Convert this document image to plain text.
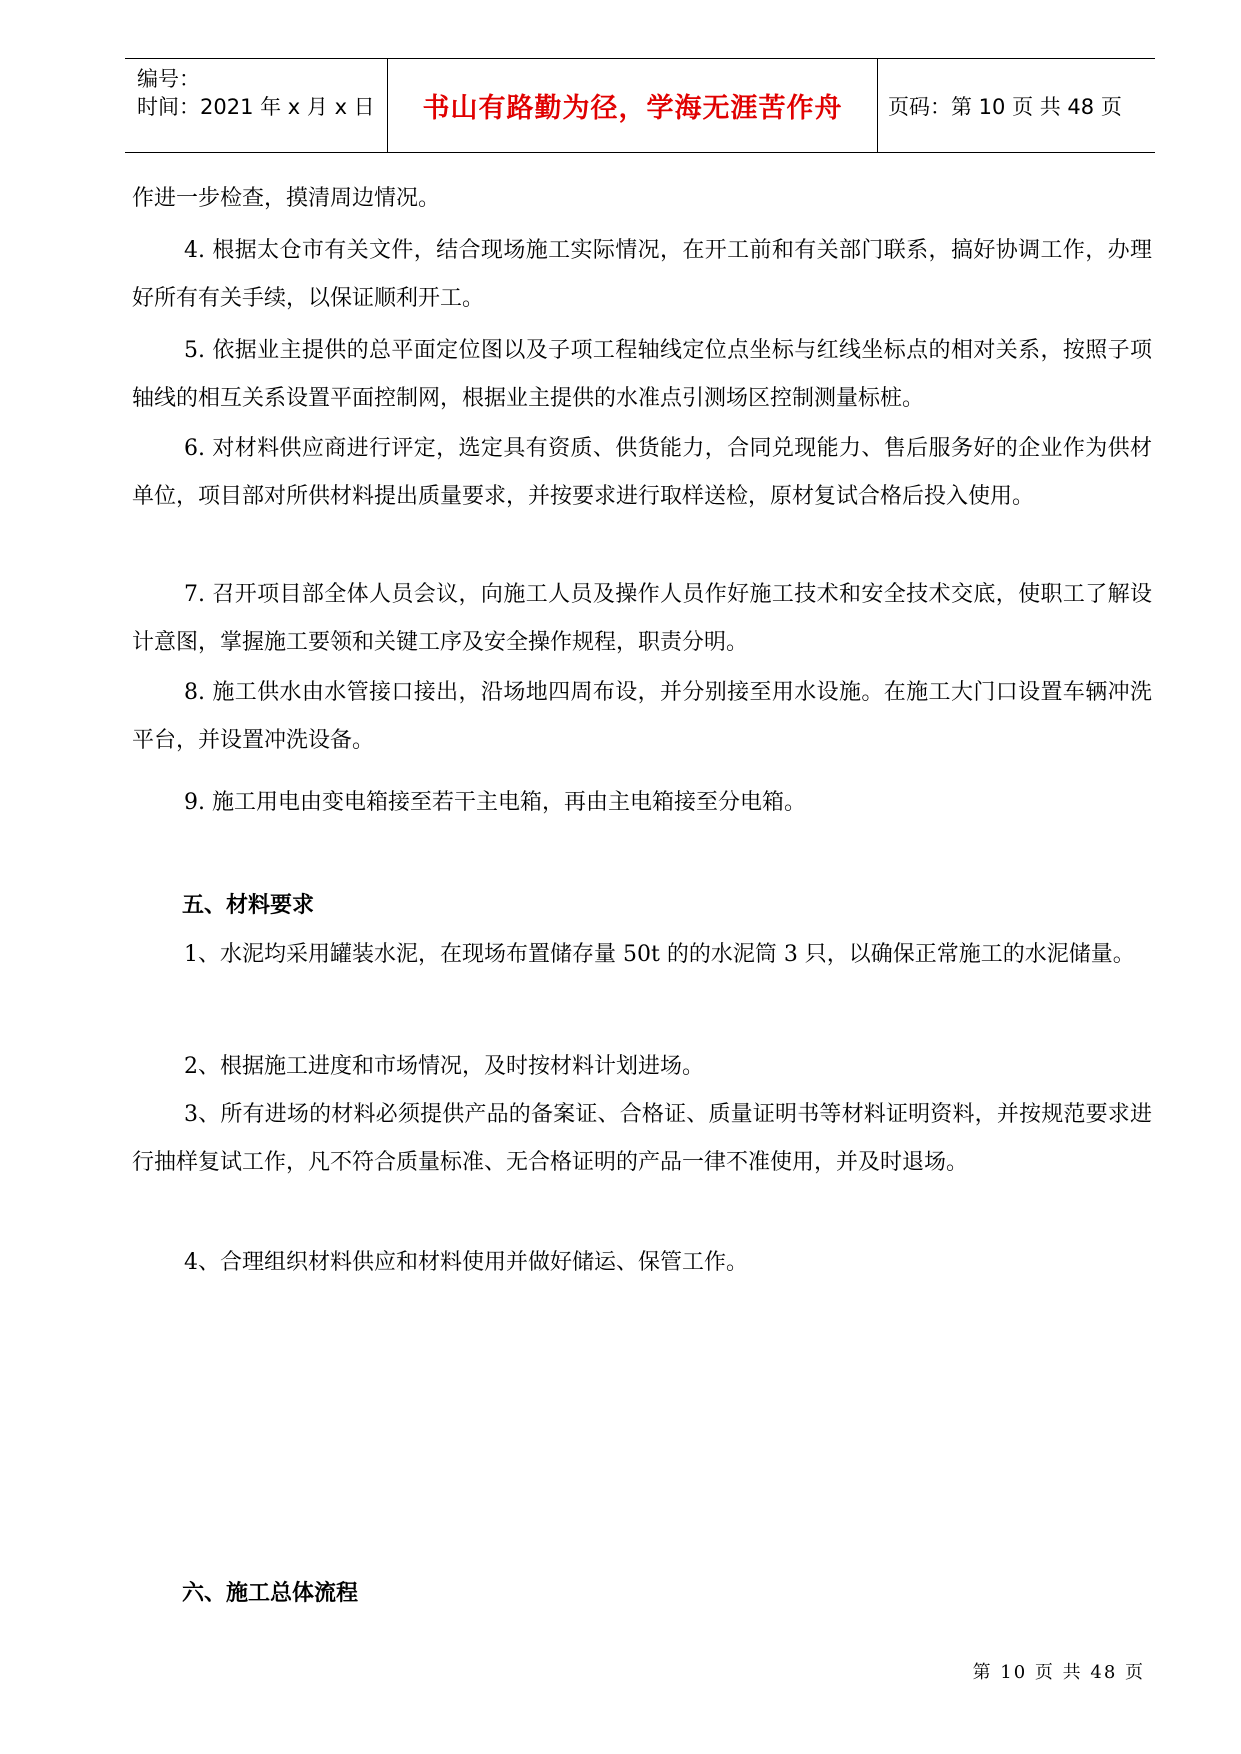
编号：
时间：2021 年 x 月 x 日	书山有路勤为径，学海无涯苦作舟	页码：第 10 页 共 48 页
作进一步检查，摸清周边情况。
4. 根据太仓市有关文件，结合现场施工实际情况，在开工前和有关部门联系，搞好协调工作，办理好所有有关手续，以保证顺利开工。
5. 依据业主提供的总平面定位图以及子项工程轴线定位点坐标与红线坐标点的相对关系，按照子项轴线的相互关系设置平面控制网，根据业主提供的水准点引测场区控制测量标桩。
6. 对材料供应商进行评定，选定具有资质、供货能力，合同兑现能力、售后服务好的企业作为供材单位，项目部对所供材料提出质量要求，并按要求进行取样送检，原材复试合格后投入使用。
7. 召开项目部全体人员会议，向施工人员及操作人员作好施工技术和安全技术交底，使职工了解设计意图，掌握施工要领和关键工序及安全操作规程，职责分明。
8. 施工供水由水管接口接出，沿场地四周布设，并分别接至用水设施。在施工大门口设置车辆冲洗平台，并设置冲洗设备。
9. 施工用电由变电箱接至若干主电箱，再由主电箱接至分电箱。
五、材料要求
1、水泥均采用罐装水泥，在现场布置储存量 50t 的的水泥筒 3 只，以确保正常施工的水泥储量。
2、根据施工进度和市场情况，及时按材料计划进场。
3、所有进场的材料必须提供产品的备案证、合格证、质量证明书等材料证明资料，并按规范要求进行抽样复试工作，凡不符合质量标准、无合格证明的产品一律不准使用，并及时退场。
4、合理组织材料供应和材料使用并做好储运、保管工作。
六、施工总体流程
第 10 页 共 48 页
